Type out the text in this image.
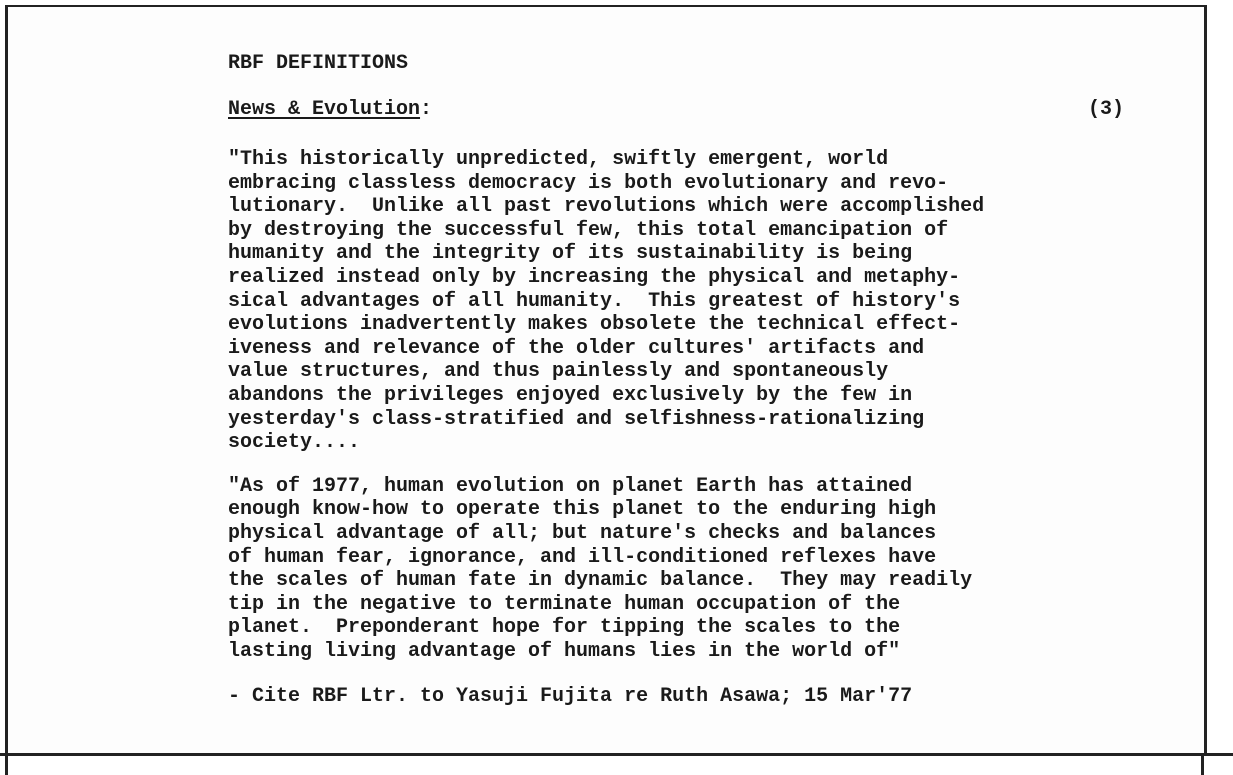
RBF DEFINITIONS
News & Evolution:	(3)

"This historically unpredicted, swiftly emergent, world
embracing classless democracy is both evolutionary and revo-
lutionary.  Unlike all past revolutions which were accomplished
by destroying the successful few, this total emancipation of
humanity and the integrity of its sustainability is being
realized instead only by increasing the physical and metaphy-
sical advantages of all humanity.  This greatest of history's
evolutions inadvertently makes obsolete the technical effect-
iveness and relevance of the older cultures' artifacts and
value structures, and thus painlessly and spontaneously
abandons the privileges enjoyed exclusively by the few in
yesterday's class-stratified and selfishness-rationalizing
society....

"As of 1977, human evolution on planet Earth has attained
enough know-how to operate this planet to the enduring high
physical advantage of all; but nature's checks and balances
of human fear, ignorance, and ill-conditioned reflexes have
the scales of human fate in dynamic balance.  They may readily
tip in the negative to terminate human occupation of the
planet.  Preponderant hope for tipping the scales to the
lasting living advantage of humans lies in the world of"

- Cite RBF Ltr. to Yasuji Fujita re Ruth Asawa; 15 Mar'77
